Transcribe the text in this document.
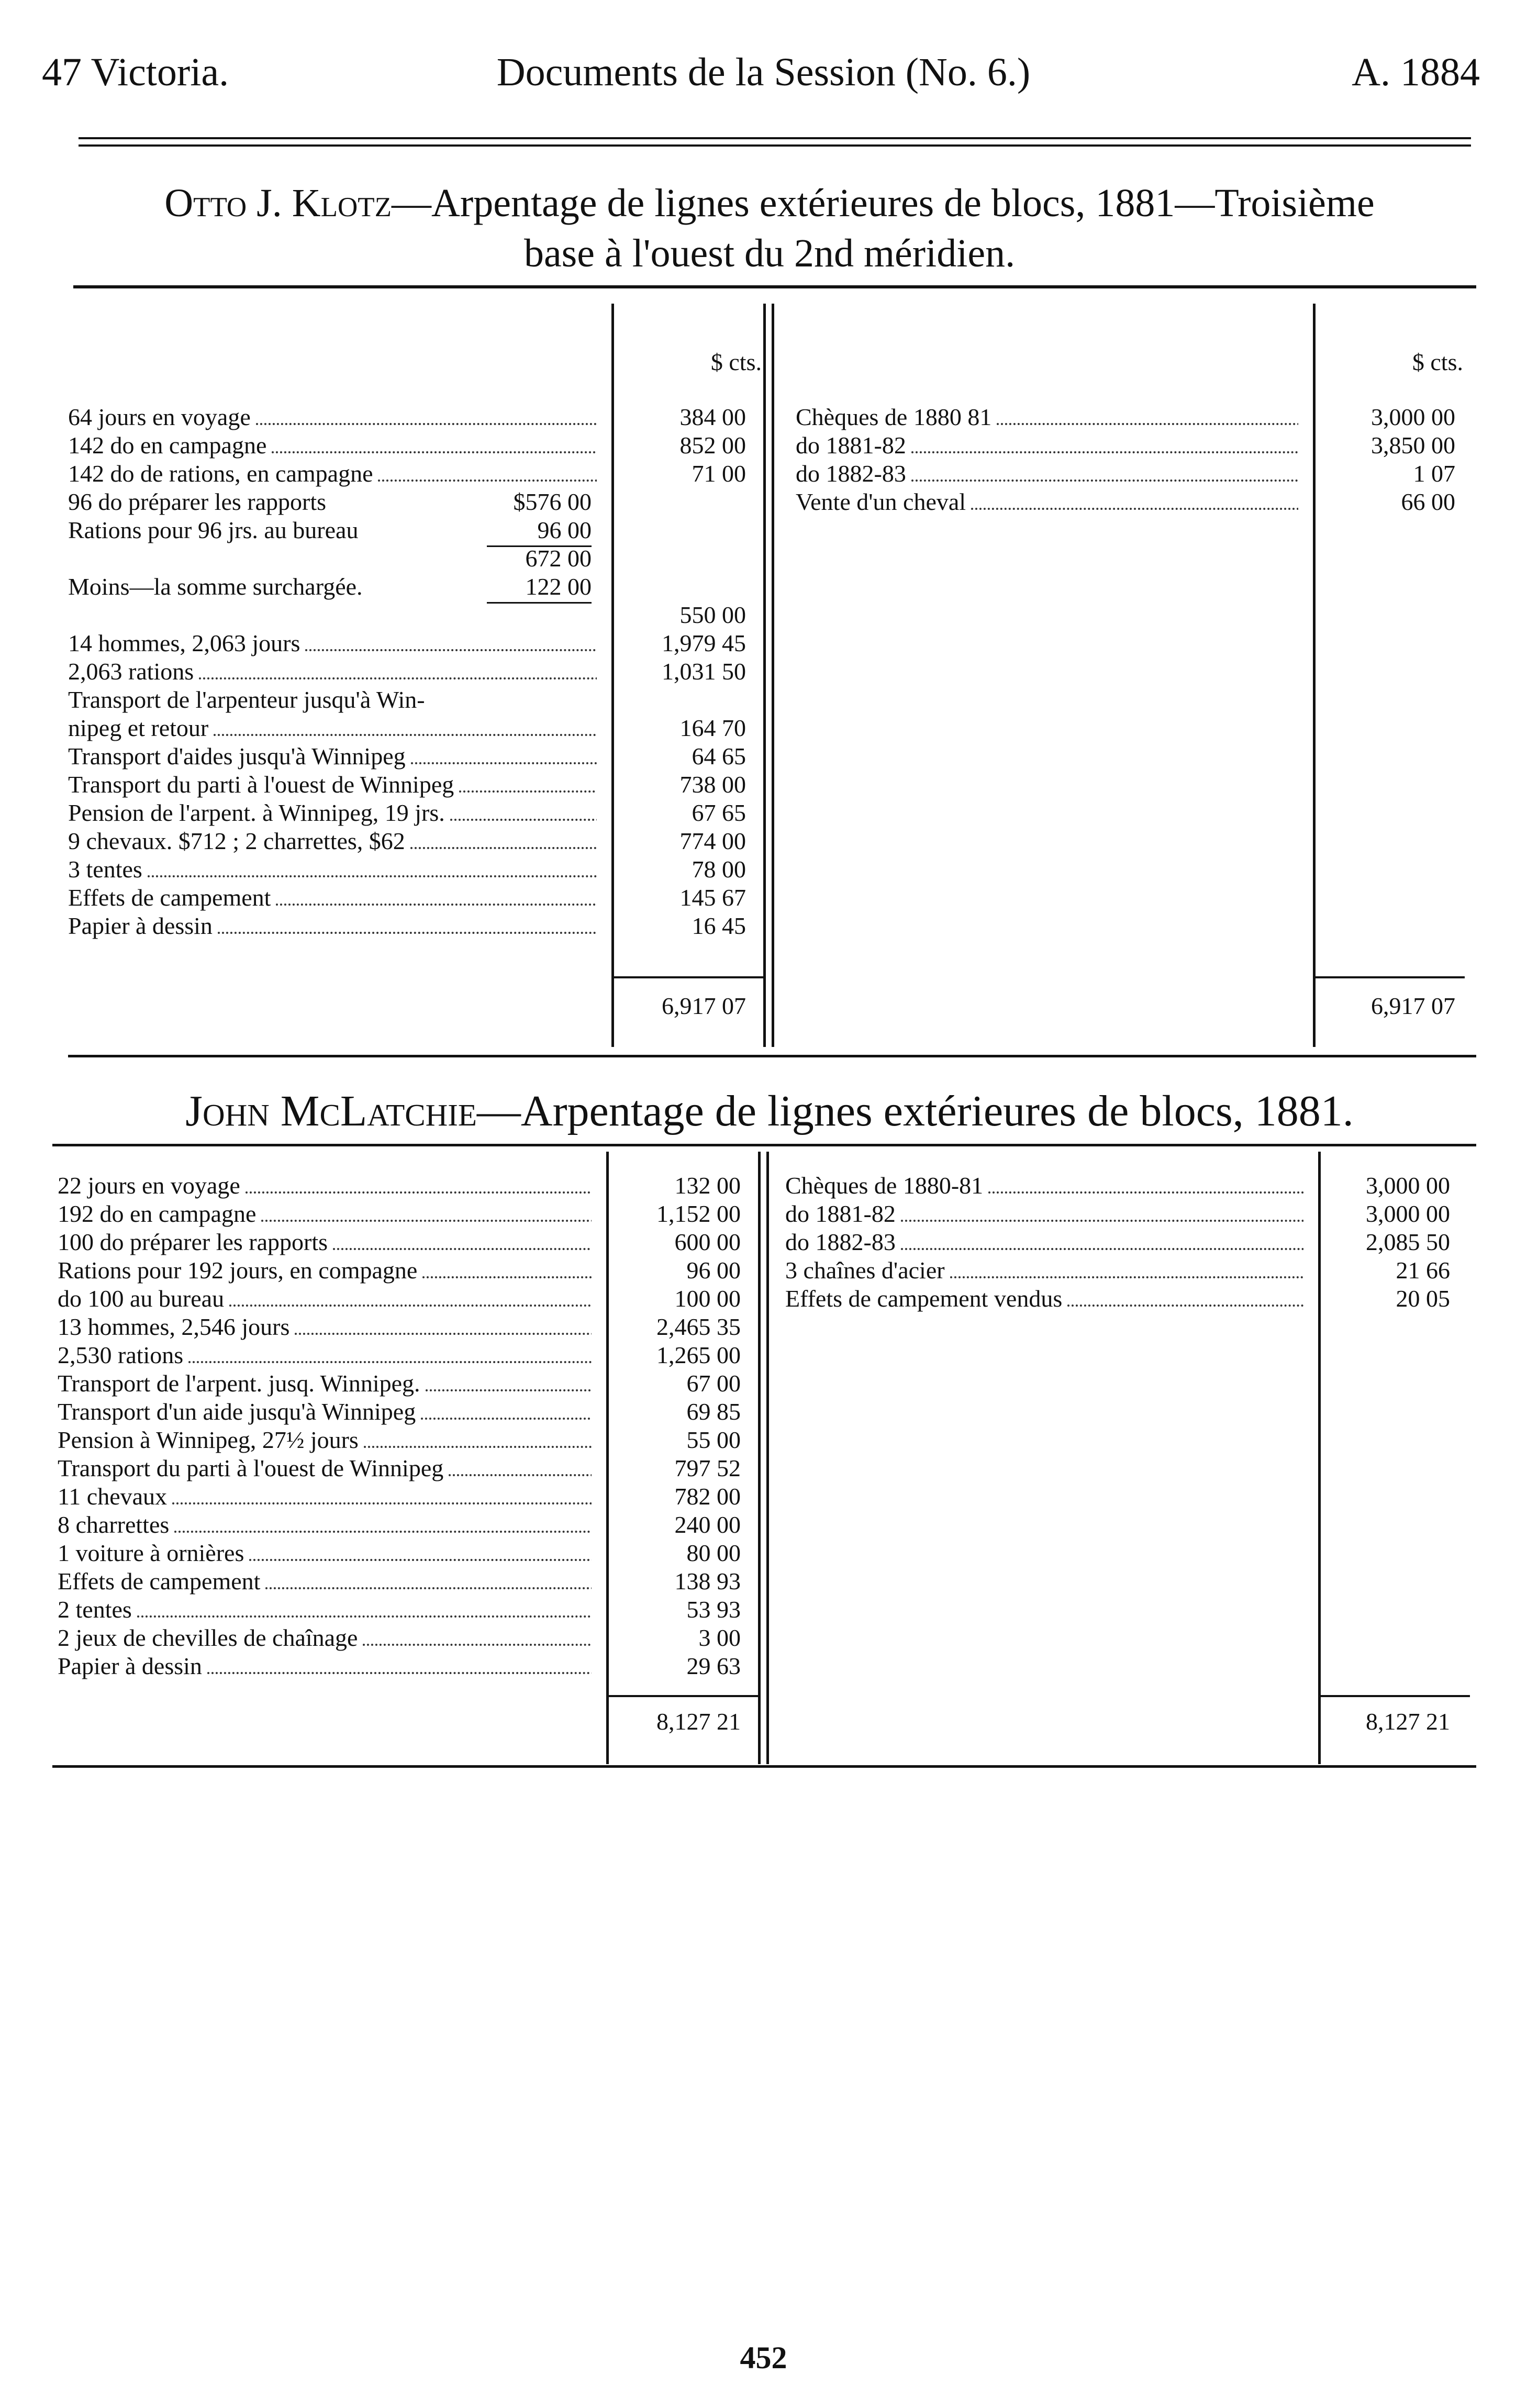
47 Victoria.	Documents de la Session (No. 6.)	A. 1884
Otto J. Klotz—Arpentage de lignes extérieures de blocs, 1881—Troisième
base à l'ouest du 2nd méridien.
6,917 07	6,917 07
$ cts.	$ cts.
64 jours en voyage	384 00
142 do en campagne	852 00
142 do de rations, en campagne	71 00
96 do préparer les rapports	$576 00
Rations pour 96 jrs. au bureau	96 00
672 00
Moins—la somme surchargée.	122 00
550 00
14 hommes, 2,063 jours	1,979 45
2,063 rations	1,031 50
Transport de l'arpenteur jusqu'à Win-
nipeg et retour	164 70
Transport d'aides jusqu'à Winnipeg	64 65
Transport du parti à l'ouest de Winnipeg	738 00
Pension de l'arpent. à Winnipeg, 19 jrs.	67 65
9 chevaux. $712 ; 2 charrettes, $62	774 00
3 tentes	78 00
Effets de campement	145 67
Papier à dessin	16 45
Chèques de 1880 81	3,000 00
do 1881-82	3,850 00
do 1882-83	1 07
Vente d'un cheval	66 00
John McLatchie—Arpentage de lignes extérieures de blocs, 1881.
8,127 21	8,127 21
22 jours en voyage	132 00
192 do en campagne	1,152 00
100 do préparer les rapports	600 00
Rations pour 192 jours, en compagne	96 00
do 100 au bureau	100 00
13 hommes, 2,546 jours	2,465 35
2,530 rations	1,265 00
Transport de l'arpent. jusq. Winnipeg.	67 00
Transport d'un aide jusqu'à Winnipeg	69 85
Pension à Winnipeg, 27½ jours	55 00
Transport du parti à l'ouest de Winnipeg	797 52
11 chevaux	782 00
8 charrettes	240 00
1 voiture à ornières	80 00
Effets de campement	138 93
2 tentes	53 93
2 jeux de chevilles de chaînage	3 00
Papier à dessin	29 63
Chèques de 1880-81	3,000 00
do 1881-82	3,000 00
do 1882-83	2,085 50
3 chaînes d'acier	21 66
Effets de campement vendus	20 05
452
